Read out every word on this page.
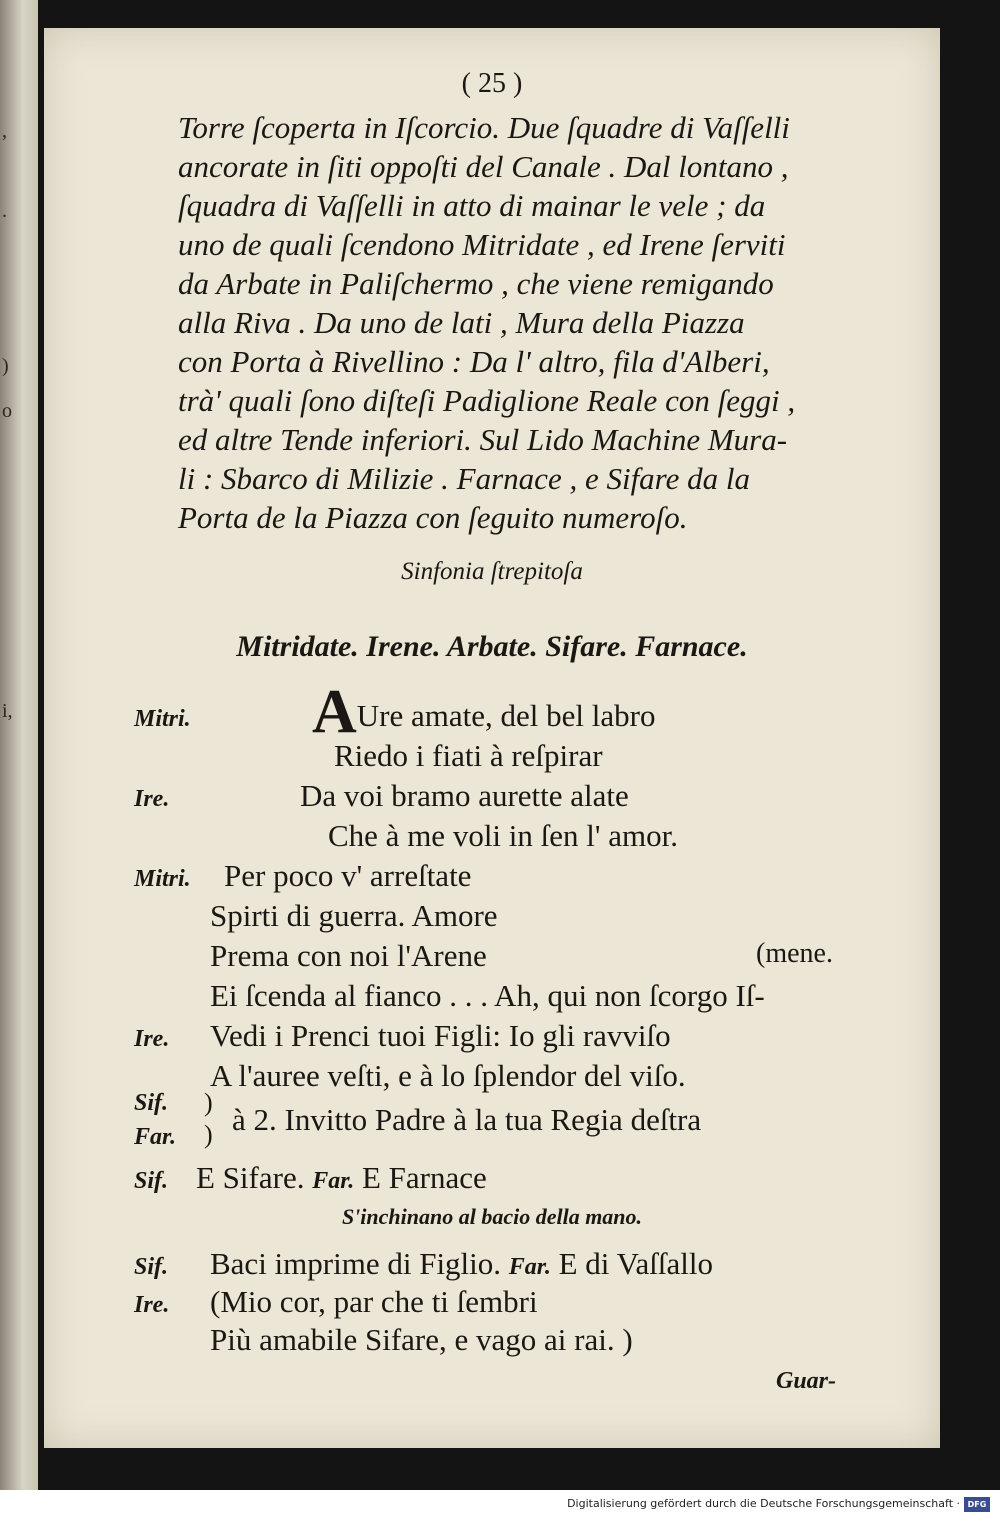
,
.
)
o
i,
( 25 )
Torre ſcoperta in Iſcorcio. Due ſquadre di Vaſſelli
ancorate in ſiti oppoſti del Canale . Dal lontano ,
ſquadra di Vaſſelli in atto di mainar le vele ; da
uno de quali ſcendono Mitridate , ed Irene ſerviti
da Arbate in Paliſchermo , che viene remigando
alla Riva . Da uno de lati , Mura della Piazza
con Porta à Rivellino : Da l' altro, fila d'Alberi,
trà' quali ſono diſteſi Padiglione Reale con ſeggi ,
ed altre Tende inferiori. Sul Lido Machine Mura-
li : Sbarco di Milizie . Farnace , e Sifare da la
Porta de la Piazza con ſeguito numeroſo.
Sinfonia ſtrepitoſa
Mitridate. Irene. Arbate. Sifare. Farnace.
Mitri. AUre amate, del bel labro
Riedo i fiati à reſpirar
Ire.	Da voi bramo aurette alate
Che à me voli in ſen l' amor.
Mitri. Per poco v' arreſtate
Spirti di guerra. Amore
Prema con noi l'Arene	(mene.
Ei ſcenda al fianco . . . Ah, qui non ſcorgo Iſ-
Ire. Vedi i Prenci tuoi Figli: Io gli ravviſo
A l'auree veſti, e à lo ſplendor del viſo.
Sif.
Far.
)
) à 2. Invitto Padre à la tua Regia deſtra
Sif. E Sifare. Far. E Farnace
S'inchinano al bacio della mano.
Sif. Baci imprime di Figlio. Far. E di Vaſſallo
Ire. (Mio cor, par che ti ſembri
Più amabile Sifare, e vago ai rai. )
Guar-
Digitalisierung gefördert durch die Deutsche Forschungsgemeinschaft · DFG
